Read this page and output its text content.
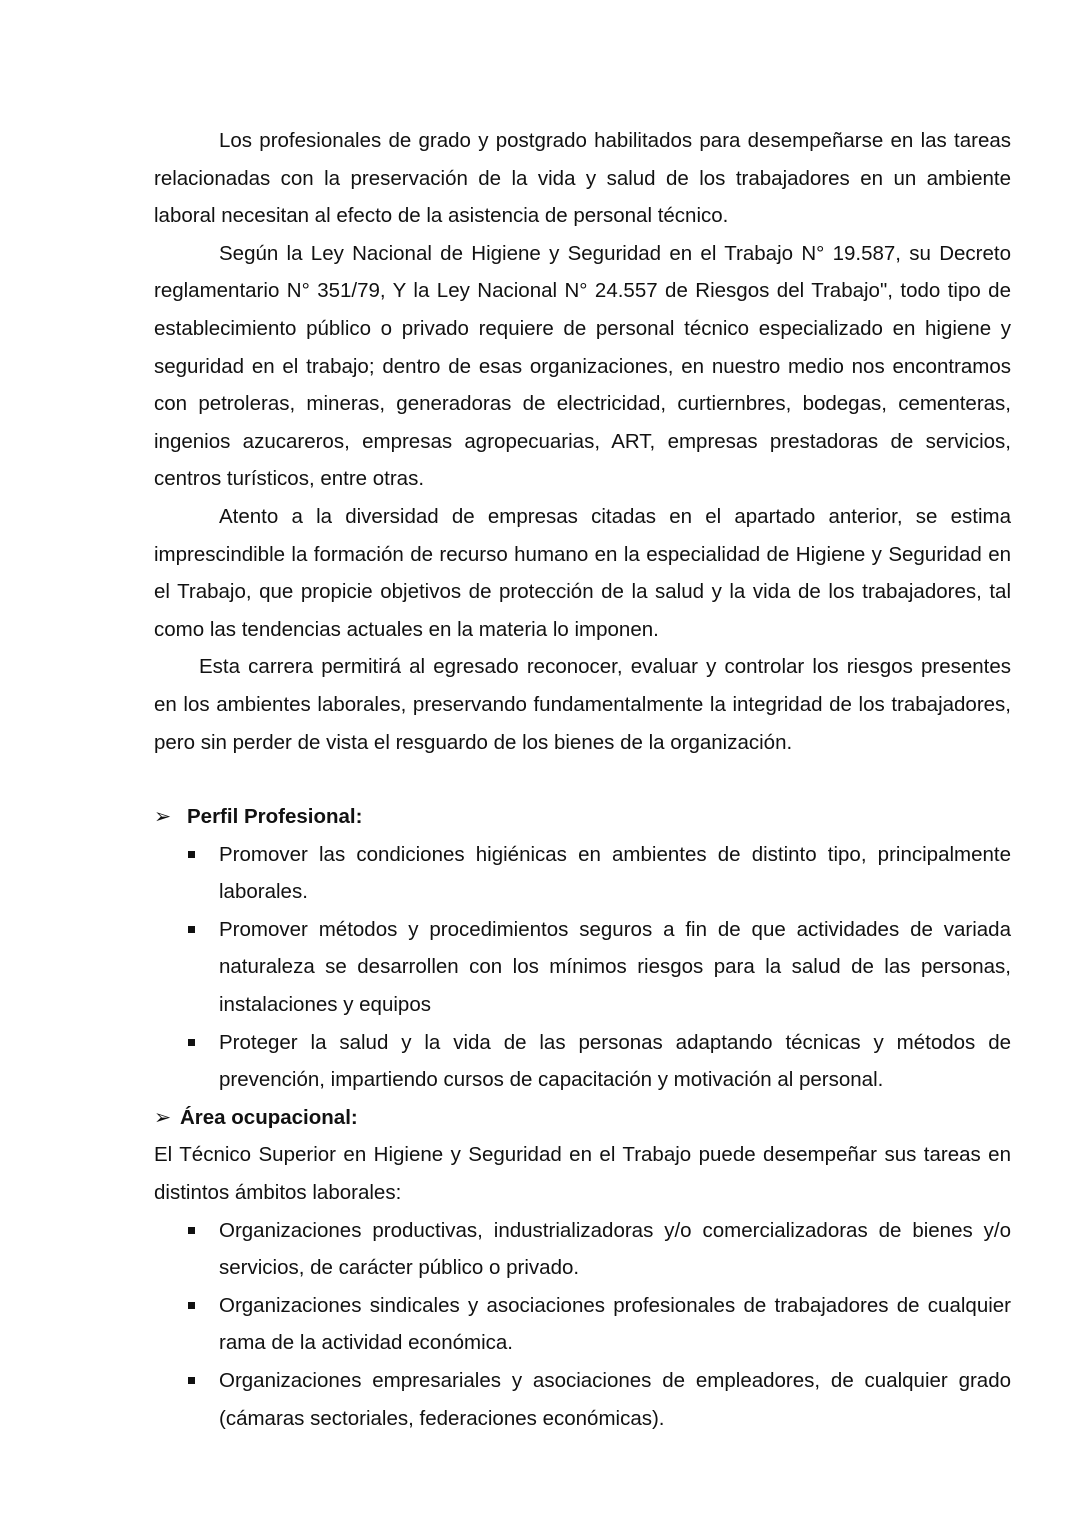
Los profesionales de grado y postgrado habilitados para desempeñarse en las tareas relacionadas con la preservación de la vida y salud de los trabajadores en un ambiente laboral necesitan al efecto de la asistencia de personal técnico.

Según la Ley Nacional de Higiene y Seguridad en el Trabajo N° 19.587, su Decreto reglamentario N° 351/79, Y la Ley Nacional N° 24.557 de Riesgos del Trabajo", todo tipo de establecimiento público o privado requiere de personal técnico especializado en higiene y seguridad en el trabajo; dentro de esas organizaciones, en nuestro medio nos encontramos con petroleras, mineras, generadoras de electricidad, curtiernbres, bodegas, cementeras, ingenios azucareros, empresas agropecuarias, ART, empresas prestadoras de servicios, centros turísticos, entre otras.

Atento a la diversidad de empresas citadas en el apartado anterior, se estima imprescindible la formación de recurso humano en la especialidad de Higiene y Seguridad en el Trabajo, que propicie objetivos de protección de la salud y la vida de los trabajadores, tal como las tendencias actuales en la materia lo imponen.

Esta carrera permitirá al egresado reconocer, evaluar y controlar los riesgos presentes en los ambientes laborales, preservando fundamentalmente la integridad de los trabajadores, pero sin perder de vista el resguardo de los bienes de la organización.

➢ Perfil Profesional:
Promover las condiciones higiénicas en ambientes de distinto tipo, principalmente laborales.
Promover métodos y procedimientos seguros a fin de que actividades de variada naturaleza se desarrollen con los mínimos riesgos para la salud de las personas, instalaciones y equipos
Proteger la salud y la vida de las personas adaptando técnicas y métodos de prevención, impartiendo cursos de capacitación y motivación al personal.
➢ Área ocupacional:

El Técnico Superior en Higiene y Seguridad en el Trabajo puede desempeñar sus tareas en distintos ámbitos laborales:

Organizaciones productivas, industrializadoras y/o comercializadoras de bienes y/o servicios, de carácter público o privado.
Organizaciones sindicales y asociaciones profesionales de trabajadores de cualquier rama de la actividad económica.
Organizaciones empresariales y asociaciones de empleadores, de cualquier grado (cámaras sectoriales, federaciones económicas).
